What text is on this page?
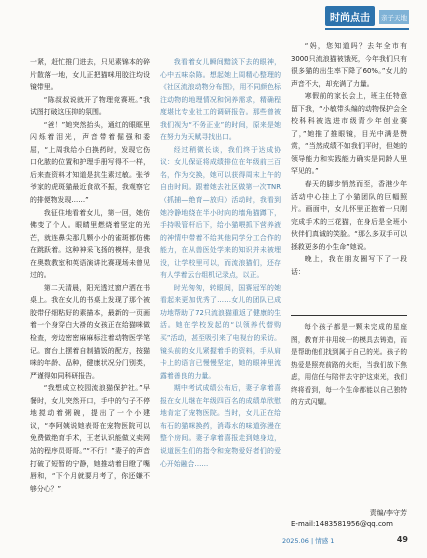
时尚点击	亲子天地

一紧，赶忙推门进去，只见素锦本的碎片散落一地，女儿正把猫咪用胶注均设镜带里。

“陈叔叔说就开了物理竞赛班。”我试图打破这压抑的氛围。

“爸！”她突然抬头，通红的眼眶里闪烁着泪光，声音带着倔强和委屈，“上周我给小白换药时，发现它伤口化脓的位置和护理手册写得不一样，后来查资料才知道是抗生素过敏。张爷爷家的虎斑猫最近食欲不振，我观察它的排便物发现……”

我征住地看着女儿，第一回，她仿佛变了个人。眼睛里燃烧着坚定的光芒，就连鼻尖那几颗小小的雀斑都仿佛在跳跃着。这种神采飞扬的模样，是我在奥数教室和英语演讲比赛现场未曾见过的。

第二天清晨，阳光透过窗户洒在书桌上。我在女儿的书桌上发现了那个被胶带仔细粘好的素描本，最新的一页画着一个身穿白大褂的女孩正在给猫咪做检查，旁边密密麻麻标注着动物医学笔记。窗台上摆着自制猫饭的配方，按猫咪的年龄、品种，健康状况分门别类，严谨得如同科研报告。

“我想成立校园流浪猫保护社。”早餐时，女儿突然开口，手中的勺子不停地搅动着粥碗，提出了一个小建议，“李阿姨说她表哥在宠物医院可以免费做绝育手术，王老认识能做义卖网站的程序员哥哥。”“不行！”妻子的声音打破了短暂的宁静，她推动着目瞪了嘴唇和，“下个月就要月考了，你还嫌不够分心？”

我看着女儿瞬间黯淡下去的眼神，心中五味杂陈。想起她上周精心整理的《社区流浪动物分布图》，用不同颜色标注动物的地理情况和饲养需求，精确程度堪比专业社工的调研报告。那些曾被我们视为“不务正业”的时间，原来是她在努力为天赋寻找出口。

经过稍微长谈，我们终于达成协议：女儿保证将成绩排位在年级前三百名，作为交换，她可以获得周末上午的自由时间。跟着她去社区做第一次TNR（抓捕—绝育—放归）活动时，我看到她冷静地绕在半小时向的墙角猫蹲下，手持吸管杆后下，给小猫喂抓下营养液的神情中带着不给其他同学分工合作的能力，在从兽医处学来的知识并未被埋没，让学校里可以，而流浪猫们，还存有人学着云台组机记录点，以正。

时光匆匆，转眼间，国赛冠军的她看起来更加优秀了……女儿的团队已成功地帮助了72只流浪猫重返了健康的生活。她在学校发起的“以领养代替购买”活动，甚至吸引来了电视台的采访。镜头前的女儿紧握着手的资料，手从肩卡上的语言已慢慢坚定，她的眼神里流露着善良的力量。

期中考试成绩公布后，妻子拿着喜报在女儿继在年级四百名的成绩单欣慰地肯定了宠物医院。当时，女儿正在给布石的猫咪换药，消毒水的味道弥漫在整个房间。妻子拿着喜报走到她身边，说道医生们的指令和宠物爱好者们的爱心开始融合……

“妈，您知道吗？去年全市有3000只流浪猫被饿死，今年我们只有很多猫的出生率下降了60%。”女儿的声音不大，却充满了力量。

寒假前的家长会上，班主任特意留下我，“小敏带头编的动物保护会全校科科被选进市级青少年创业赛了，”她推了推眼镜，目光中满是赞赏，“当然成绩不如我们平时，但她的领导能力和实践能力确实是同龄人里罕见的。”

春天的脚步悄然而至，香港少年活动中心挂上了小猫团队的巨幅照片。画面中，女儿怀里正抱着一只刚完成手术的三花猫，在身后是全班小伙伴们真诚的笑脸。“那么多双手可以拯救更多的小生命”她说。

晚上，我在朋友圈写下了一段话：

每个孩子都是一颗未完成的星座图，教育并非用统一的模具去铸造，而是帮助他们找到属于自己的光。孩子的热爱是照亮前路的火炬，当我们放下焦虑，用信任与陪伴去守护这束光，我们终将看到，每一个生命都能以自己独特的方式闪耀。

责编/李守芳
E-mail:1483581956@qq.com
2025.06 | 情感 1	49
